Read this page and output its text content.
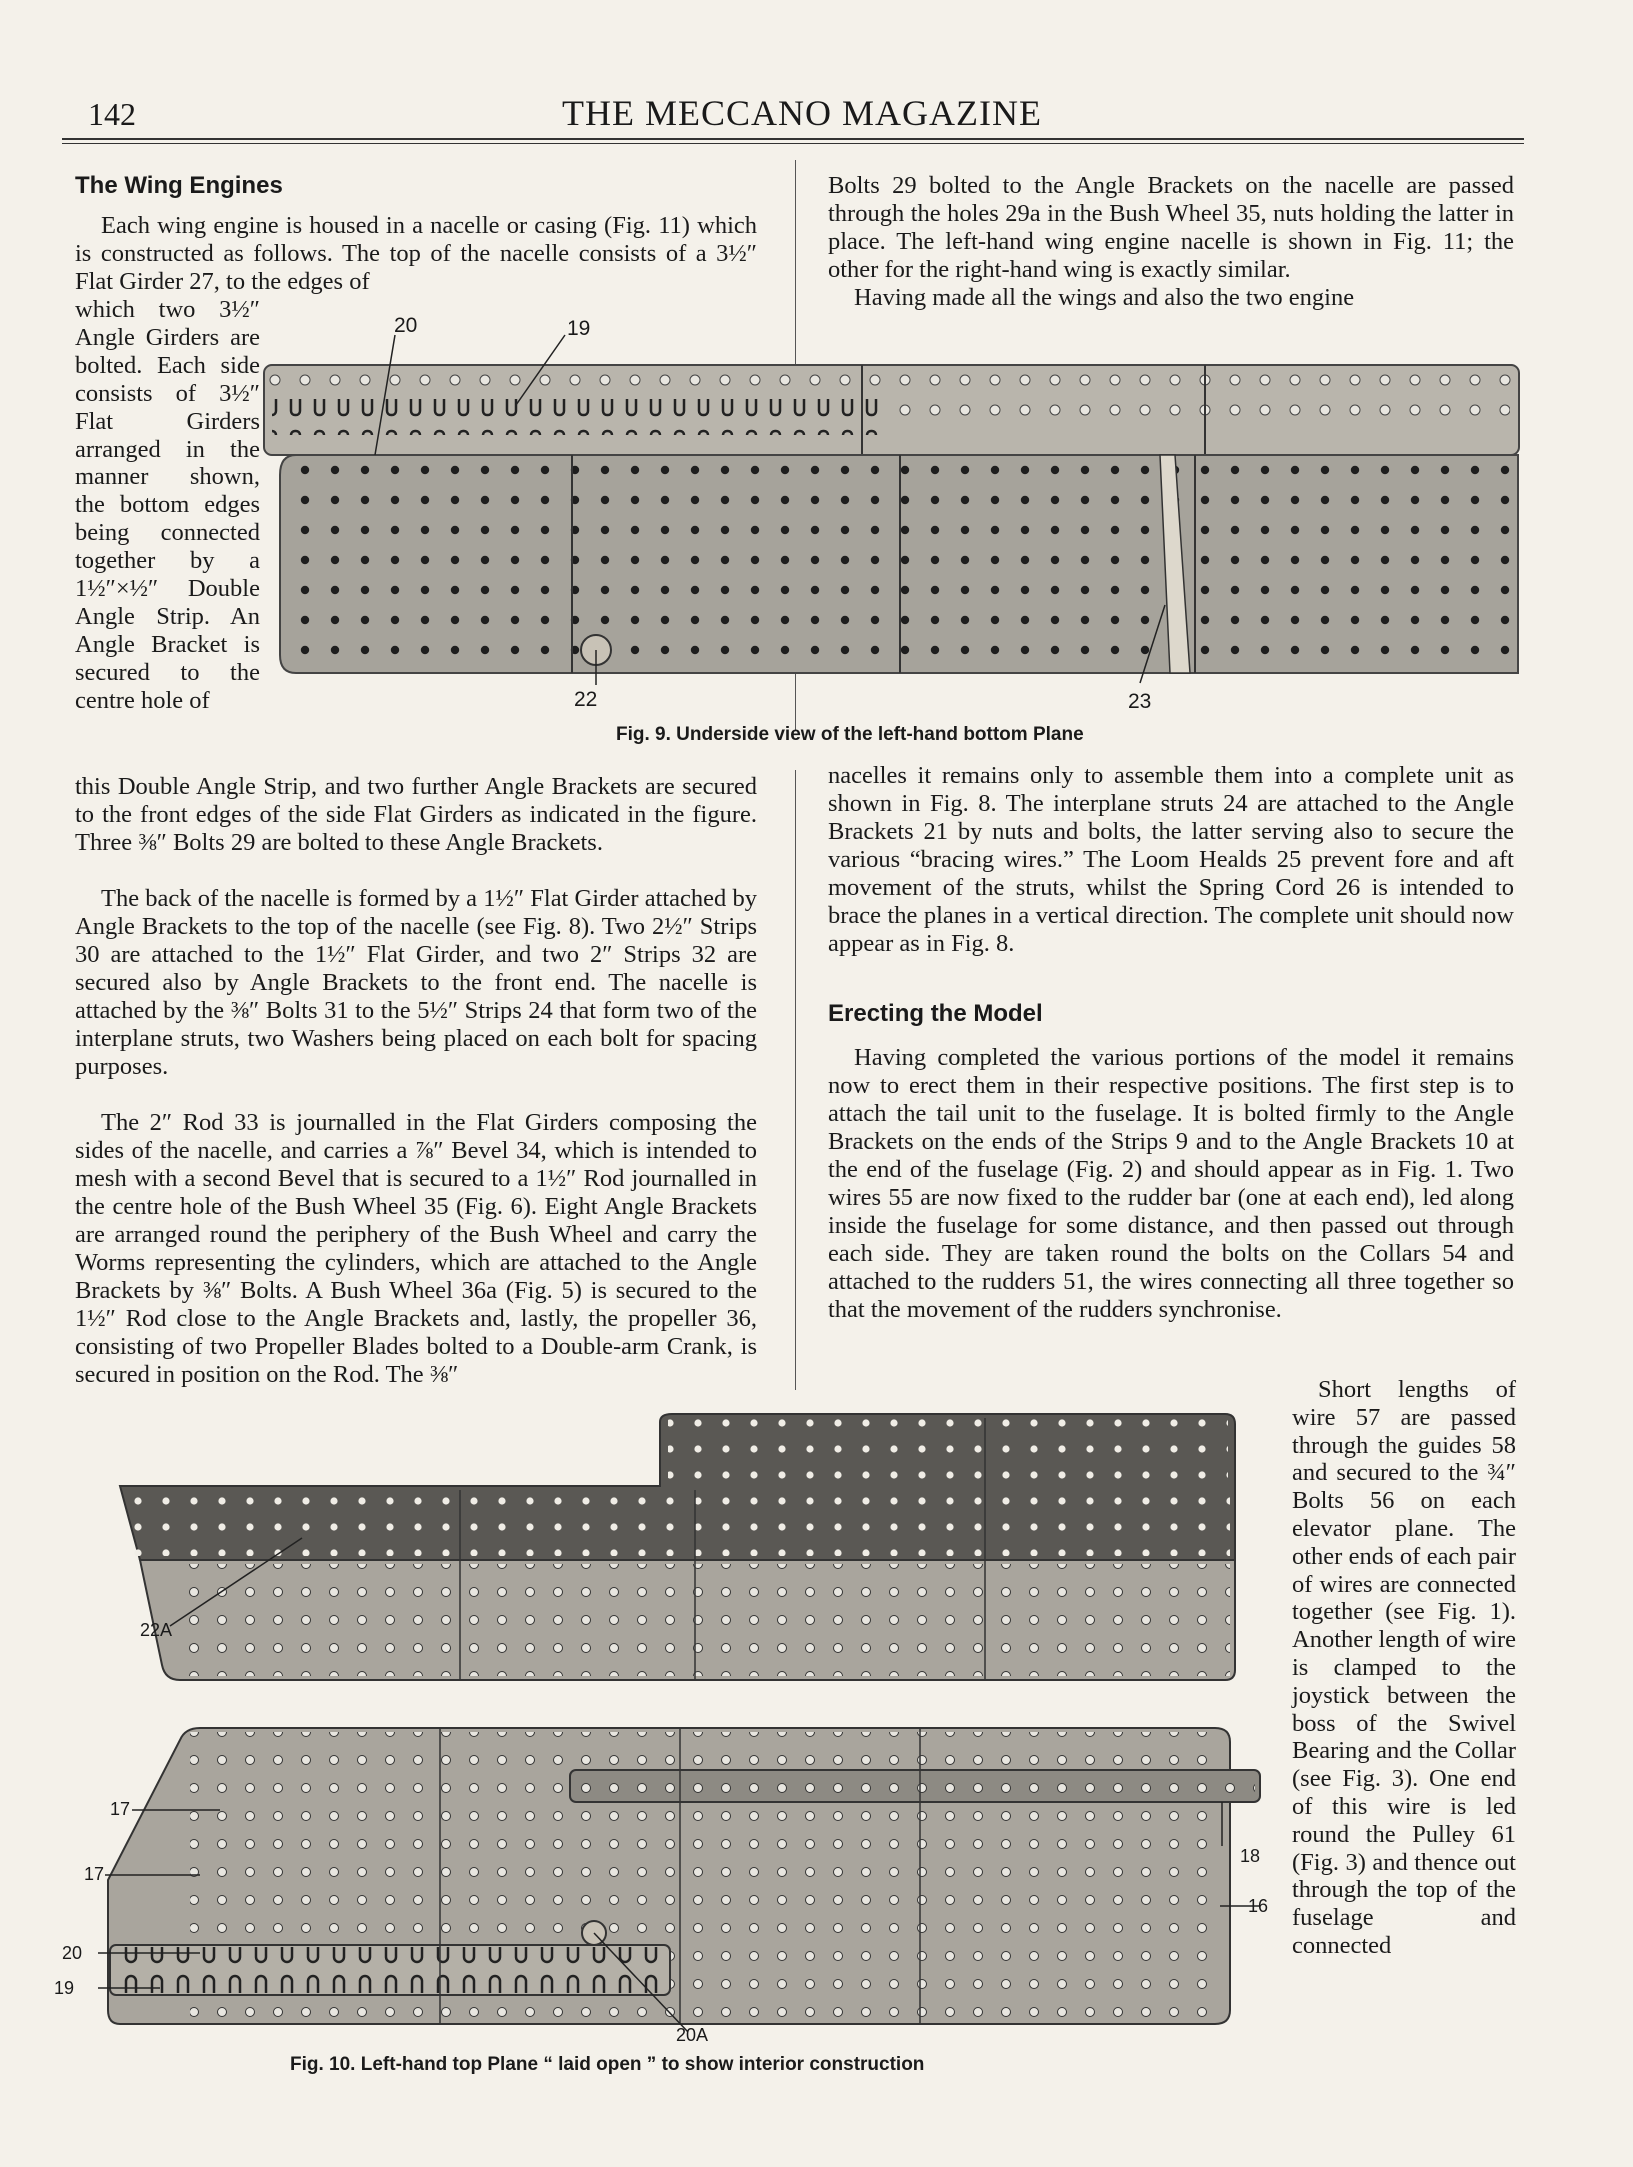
142	THE MECCANO MAGAZINE
The Wing Engines

Each wing engine is housed in a nacelle or casing (Fig. 11) which is constructed as follows. The top of the nacelle consists of a 3½″ Flat Girder 27, to the edges of

which two 3½″ Angle Girders are bolted. Each side consists of 3½″ Flat Girders arranged in the manner shown, the bottom edges being connected together by a 1½″×½″ Double Angle Strip. An Angle Bracket is secured to the centre hole of

this Double Angle Strip, and two further Angle Brackets are secured to the front edges of the side Flat Girders as indicated in the figure. Three ⅜″ Bolts 29 are bolted to these Angle Brackets.

The back of the nacelle is formed by a 1½″ Flat Girder attached by Angle Brackets to the top of the nacelle (see Fig. 8). Two 2½″ Strips 30 are attached to the 1½″ Flat Girder, and two 2″ Strips 32 are secured also by Angle Brackets to the front end. The nacelle is attached by the ⅜″ Bolts 31 to the 5½″ Strips 24 that form two of the interplane struts, two Washers being placed on each bolt for spacing purposes.

The 2″ Rod 33 is journalled in the Flat Girders composing the sides of the nacelle, and carries a ⅞″ Bevel 34, which is intended to mesh with a second Bevel that is secured to a 1½″ Rod journalled in the centre hole of the Bush Wheel 35 (Fig. 6). Eight Angle Brackets are arranged round the periphery of the Bush Wheel and carry the Worms representing the cylinders, which are attached to the Angle Brackets by ⅜″ Bolts. A Bush Wheel 36a (Fig. 5) is secured to the 1½″ Rod close to the Angle Brackets and, lastly, the propeller 36, consisting of two Propeller Blades bolted to a Double-arm Crank, is secured in position on the Rod. The ⅜″

Bolts 29 bolted to the Angle Brackets on the nacelle are passed through the holes 29a in the Bush Wheel 35, nuts holding the latter in place. The left-hand wing engine nacelle is shown in Fig. 11; the other for the right-hand wing is exactly similar.

Having made all the wings and also the two engine

nacelles it remains only to assemble them into a complete unit as shown in Fig. 8. The interplane struts 24 are attached to the Angle Brackets 21 by nuts and bolts, the latter serving also to secure the various “bracing wires.” The Loom Healds 25 prevent fore and aft movement of the struts, whilst the Spring Cord 26 is intended to brace the planes in a vertical direction. The complete unit should now appear as in Fig. 8.

Erecting the Model

Having completed the various portions of the model it remains now to erect them in their respective positions. The first step is to attach the tail unit to the fuselage. It is bolted firmly to the Angle Brackets on the ends of the Strips 9 and to the Angle Brackets 10 at the end of the fuselage (Fig. 2) and should appear as in Fig. 1. Two wires 55 are now fixed to the rudder bar (one at each end), led along inside the fuselage for some distance, and then passed out through each side. They are taken round the bolts on the Collars 54 and attached to the rudders 51, the wires connecting all three together so that the movement of the rudders synchronise.

Short lengths of wire 57 are passed through the guides 58 and secured to the ¾″ Bolts 56 on each elevator plane. The other ends of each pair of wires are connected together (see Fig. 1). Another length of wire is clamped to the joystick between the boss of the Swivel Bearing and the Collar (see Fig. 3). One end of this wire is led round the Pulley 61 (Fig. 3) and thence out through the top of the fuselage and connected

20	19
22	23
Fig. 9. Underside view of the left-hand bottom Plane
22A
17
17
18
20
19
16
20A
Fig. 10. Left-hand top Plane “ laid open ” to show interior construction
